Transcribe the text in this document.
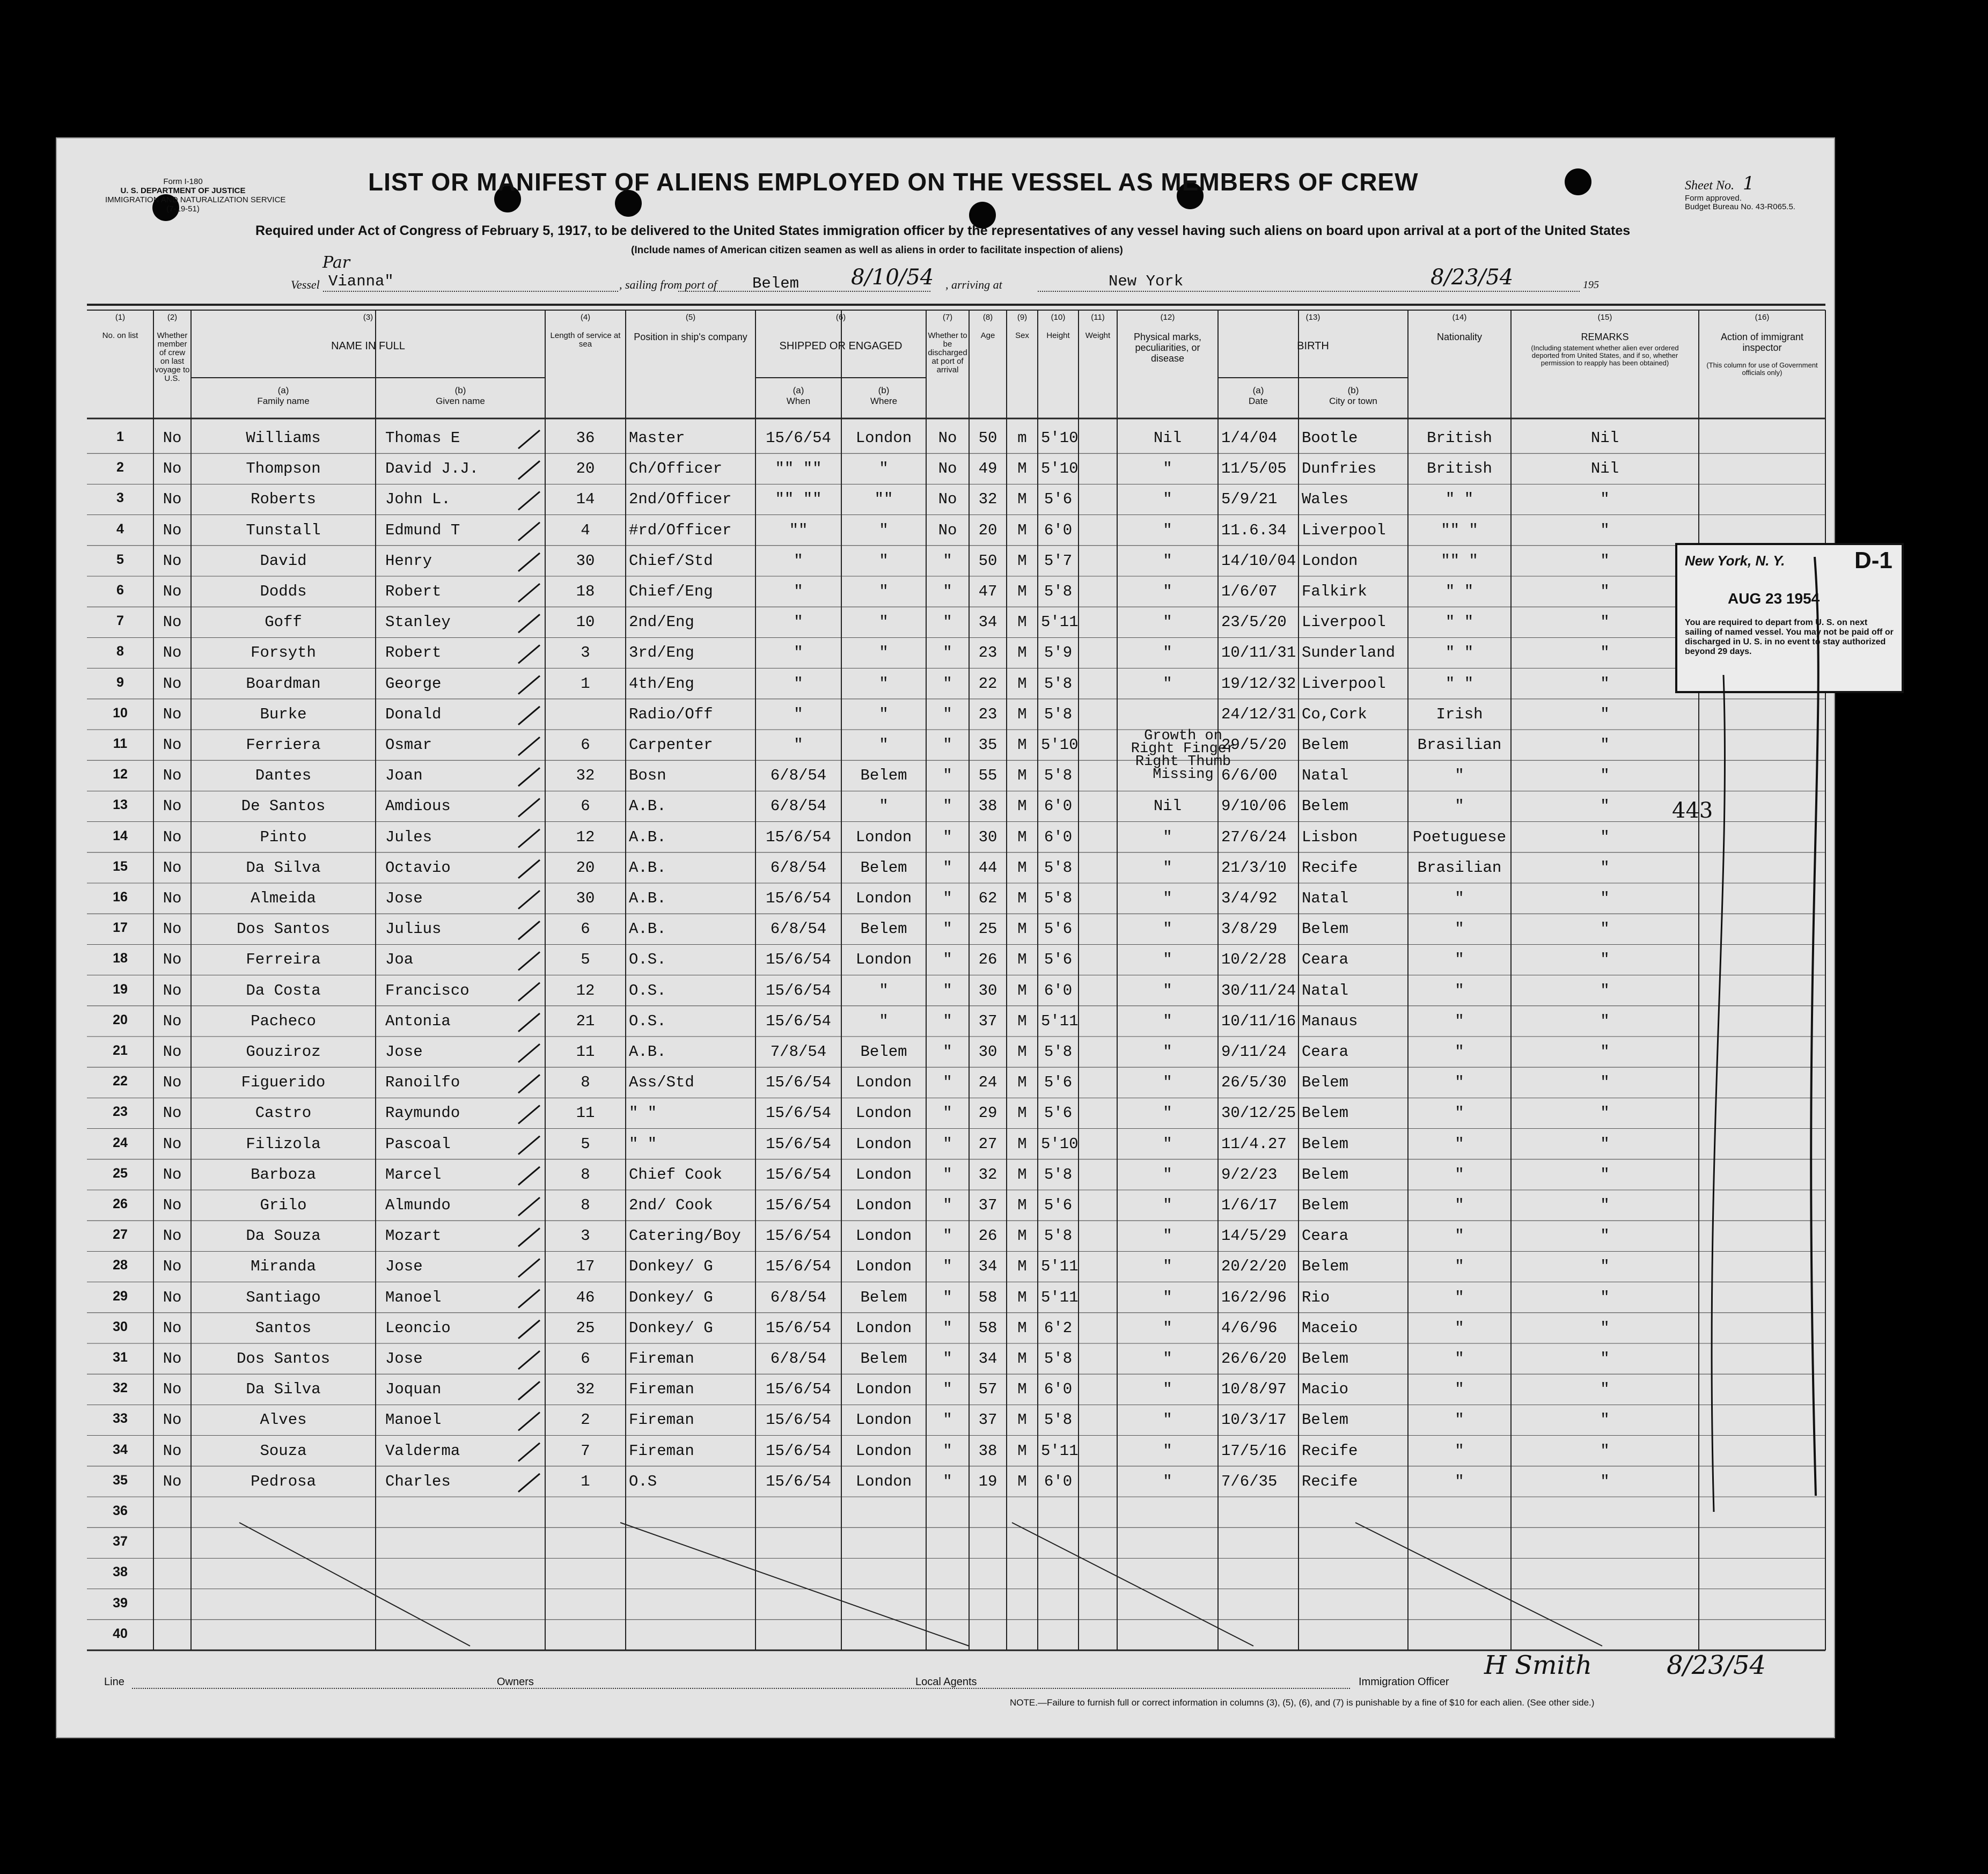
Form I-180
U. S. DEPARTMENT OF JUSTICE
IMMIGRATION AND NATURALIZATION SERVICE
(7-19-51)
LIST OR MANIFEST OF ALIENS EMPLOYED ON THE VESSEL AS MEMBERS OF CREW	Sheet No. 1
Form approved.
Budget Bureau No. 43-R065.5.
Required under Act of Congress of February 5, 1917, to be delivered to the United States immigration officer by the representatives of any vessel having such aliens on board upon arrival at a port of the United States
(Include names of American citizen seamen as well as aliens in order to facilitate inspection of aliens)
Vessel
Par
Vianna"	, sailing from port of Belem 8/10/54 , arriving at	New York	8/23/54	195
(1)
No. on list
(2)
Whether member of crew on last voyage to U.S.
(4)
Length of service at sea
(5)
Position in ship's company
(7)
Whether to be discharged at port of arrival
(8)
Age
(9)
Sex
(10)
Height
(11)
Weight
(12)
Physical marks, peculiarities, or disease
(14)
Nationality
(16)
Action of immigrant inspector
(3)
NAME IN FULL
(6)
SHIPPED OR ENGAGED
(13)
BIRTH
(a)
Family name
(b)
Given name
(a)
When
(b)
Where
(a)
Date
(b)
City or town
(15)
REMARKS
(Including statement whether alien ever ordered deported from United States, and if so, whether permission to reapply has been obtained)	(This column for use of Government officials only)
1	No	Williams	Thomas E	36	Master	15/6/54	London	No	50	m 5'10	Nil	1/4/04	Bootle	British	Nil
2	No	Thompson	David J.J.	20	Ch/Officer	"" ""	"	No	49	M 5'10	"	11/5/05 Dunfries	British	Nil
3	No	Roberts	John L.	14	2nd/Officer	"" ""	""	No	32	M	5'6	"	5/9/21	Wales	" "	"
4	No	Tunstall	Edmund T	4	#rd/Officer	""	"	No	20	M	6'0	"	11.6.34 Liverpool	"" "	"
5	No	David	Henry	30	Chief/Std	"	"	"	50	M	5'7	"	14/10/04 London	"" "	"
6	No	Dodds	Robert	18	Chief/Eng	"	"	"	47	M	5'8	"	1/6/07	Falkirk	" "	"
7	No	Goff	Stanley	10	2nd/Eng	"	"	"	34	M 5'11	"	23/5/20 Liverpool	" "	"
8	No	Forsyth	Robert	3	3rd/Eng	"	"	"	23	M	5'9	"	10/11/31 Sunderland	" "	"
9	No	Boardman	George	1	4th/Eng	"	"	"	22	M	5'8	"	19/12/32 Liverpool	" "	"
10	No	Burke	Donald	Radio/Off	"	"	"	23	M	5'8	24/12/31 Co,Cork	Irish	"
11	No	Ferriera	Osmar	6	Carpenter	"	"	"	35	M 5'10	29/5/20 Belem	Brasilian	"
12	No	Dantes	Joan	32	Bosn	6/8/54	Belem	"	55	M	5'8	6/6/00	Natal	"	"
13	No	De Santos	Amdious	6	A.B.	6/8/54	"	"	38	M	6'0	Nil	9/10/06 Belem	"	"
14	No	Pinto	Jules	12	A.B.	15/6/54	London	"	30	M	6'0	"	27/6/24 Lisbon	Poetuguese	"
15	No	Da Silva	Octavio	20	A.B.	6/8/54	Belem	"	44	M	5'8	"	21/3/10 Recife	Brasilian	"
16	No	Almeida	Jose	30	A.B.	15/6/54	London	"	62	M	5'8	"	3/4/92	Natal	"	"
17	No	Dos Santos	Julius	6	A.B.	6/8/54	Belem	"	25	M	5'6	"	3/8/29	Belem	"	"
18	No	Ferreira	Joa	5	O.S.	15/6/54	London	"	26	M	5'6	"	10/2/28 Ceara	"	"
19	No	Da Costa	Francisco	12	O.S.	15/6/54	"	"	30	M	6'0	"	30/11/24 Natal	"	"
20	No	Pacheco	Antonia	21	O.S.	15/6/54	"	"	37	M 5'11	"	10/11/16 Manaus	"	"
21	No	Gouziroz	Jose	11	A.B.	7/8/54	Belem	"	30	M	5'8	"	9/11/24 Ceara	"	"
22	No	Figuerido	Ranoilfo	8	Ass/Std	15/6/54	London	"	24	M	5'6	"	26/5/30 Belem	"	"
23	No	Castro	Raymundo	11	" "	15/6/54	London	"	29	M	5'6	"	30/12/25 Belem	"	"
24	No	Filizola	Pascoal	5	" "	15/6/54	London	"	27	M 5'10	"	11/4.27 Belem	"	"
25	No	Barboza	Marcel	8	Chief Cook	15/6/54	London	"	32	M	5'8	"	9/2/23	Belem	"	"
26	No	Grilo	Almundo	8	2nd/ Cook	15/6/54	London	"	37	M	5'6	"	1/6/17	Belem	"	"
27	No	Da Souza	Mozart	3	Catering/Boy	15/6/54	London	"	26	M	5'8	"	14/5/29 Ceara	"	"
28	No	Miranda	Jose	17	Donkey/ G	15/6/54	London	"	34	M 5'11	"	20/2/20 Belem	"	"
29	No	Santiago	Manoel	46	Donkey/ G	6/8/54	Belem	"	58	M 5'11	"	16/2/96 Rio	"	"
30	No	Santos	Leoncio	25	Donkey/ G	15/6/54	London	"	58	M	6'2	"	4/6/96	Maceio	"	"
31	No	Dos Santos	Jose	6	Fireman	6/8/54	Belem	"	34	M	5'8	"	26/6/20 Belem	"	"
32	No	Da Silva	Joquan	32	Fireman	15/6/54	London	"	57	M	6'0	"	10/8/97 Macio	"	"
33	No	Alves	Manoel	2	Fireman	15/6/54	London	"	37	M	5'8	"	10/3/17 Belem	"	"
34	No	Souza	Valderma	7	Fireman	15/6/54	London	"	38	M 5'11	"	17/5/16 Recife	"	"
35	No	Pedrosa	Charles	1	O.S	15/6/54	London	"	19	M	6'0	"	7/6/35	Recife	"	"
36
37
38
39
40
Growth on
Right Finger
Right Thumb
Missing
443
New York, N. Y.	D-1
AUG 23 1954
You are required to depart from U. S. on next sailing of named vessel. You may not be paid off or discharged in U. S. in no event to stay authorized beyond 29 days.
Line	Owners	Local Agents	Immigration Officer
H Smith	8/23/54
NOTE.—Failure to furnish full or correct information in columns (3), (5), (6), and (7) is punishable by a fine of $10 for each alien. (See other side.)
